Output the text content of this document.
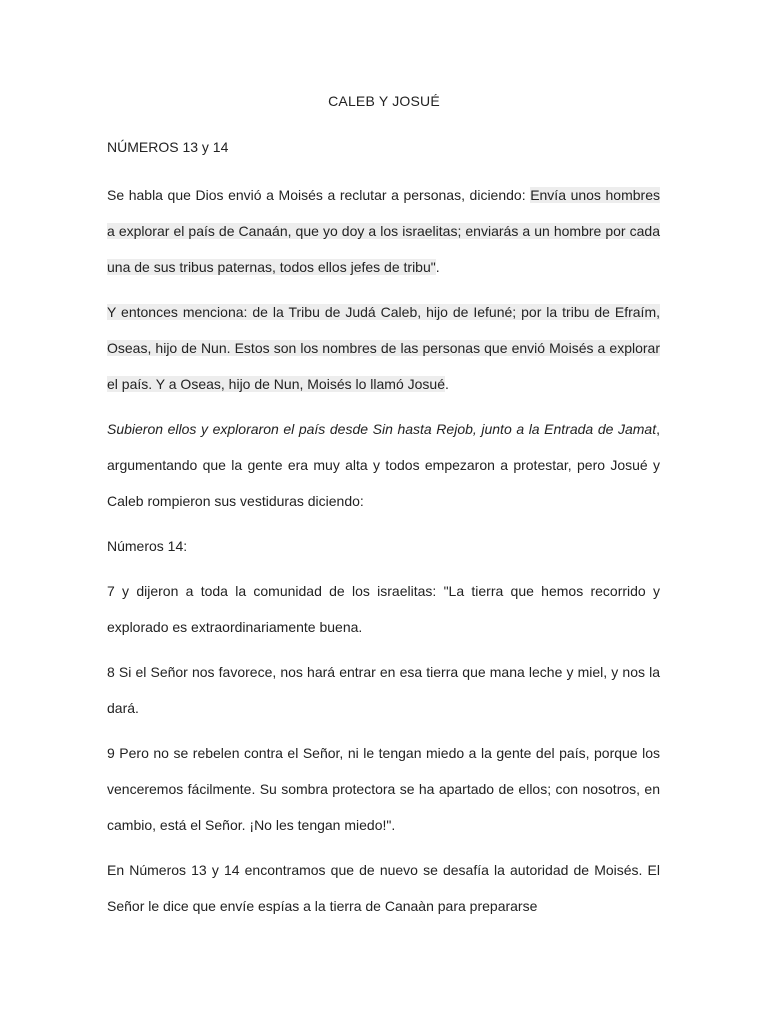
CALEB Y JOSUÉ
NÚMEROS 13 y 14

Se habla que Dios envió a Moisés a reclutar a personas, diciendo: Envía unos hombres a explorar el país de Canaán, que yo doy a los israelitas; enviarás a un hombre por cada una de sus tribus paternas, todos ellos jefes de tribu".

Y entonces menciona: de la Tribu de Judá Caleb, hijo de Iefuné; por la tribu de Efraím, Oseas, hijo de Nun. Estos son los nombres de las personas que envió Moisés a explorar el país. Y a Oseas, hijo de Nun, Moisés lo llamó Josué.

Subieron ellos y exploraron el país desde Sin hasta Rejob, junto a la Entrada de Jamat, argumentando que la gente era muy alta y todos empezaron a protestar, pero Josué y Caleb rompieron sus vestiduras diciendo:

Números 14:

7 y dijeron a toda la comunidad de los israelitas: "La tierra que hemos recorrido y explorado es extraordinariamente buena.

8 Si el Señor nos favorece, nos hará entrar en esa tierra que mana leche y miel, y nos la dará.

9 Pero no se rebelen contra el Señor, ni le tengan miedo a la gente del país, porque los venceremos fácilmente. Su sombra protectora se ha apartado de ellos; con nosotros, en cambio, está el Señor. ¡No les tengan miedo!".

En Números 13 y 14 encontramos que de nuevo se desafía la autoridad de Moisés. El Señor le dice que envíe espías a la tierra de Canaàn para prepararse
